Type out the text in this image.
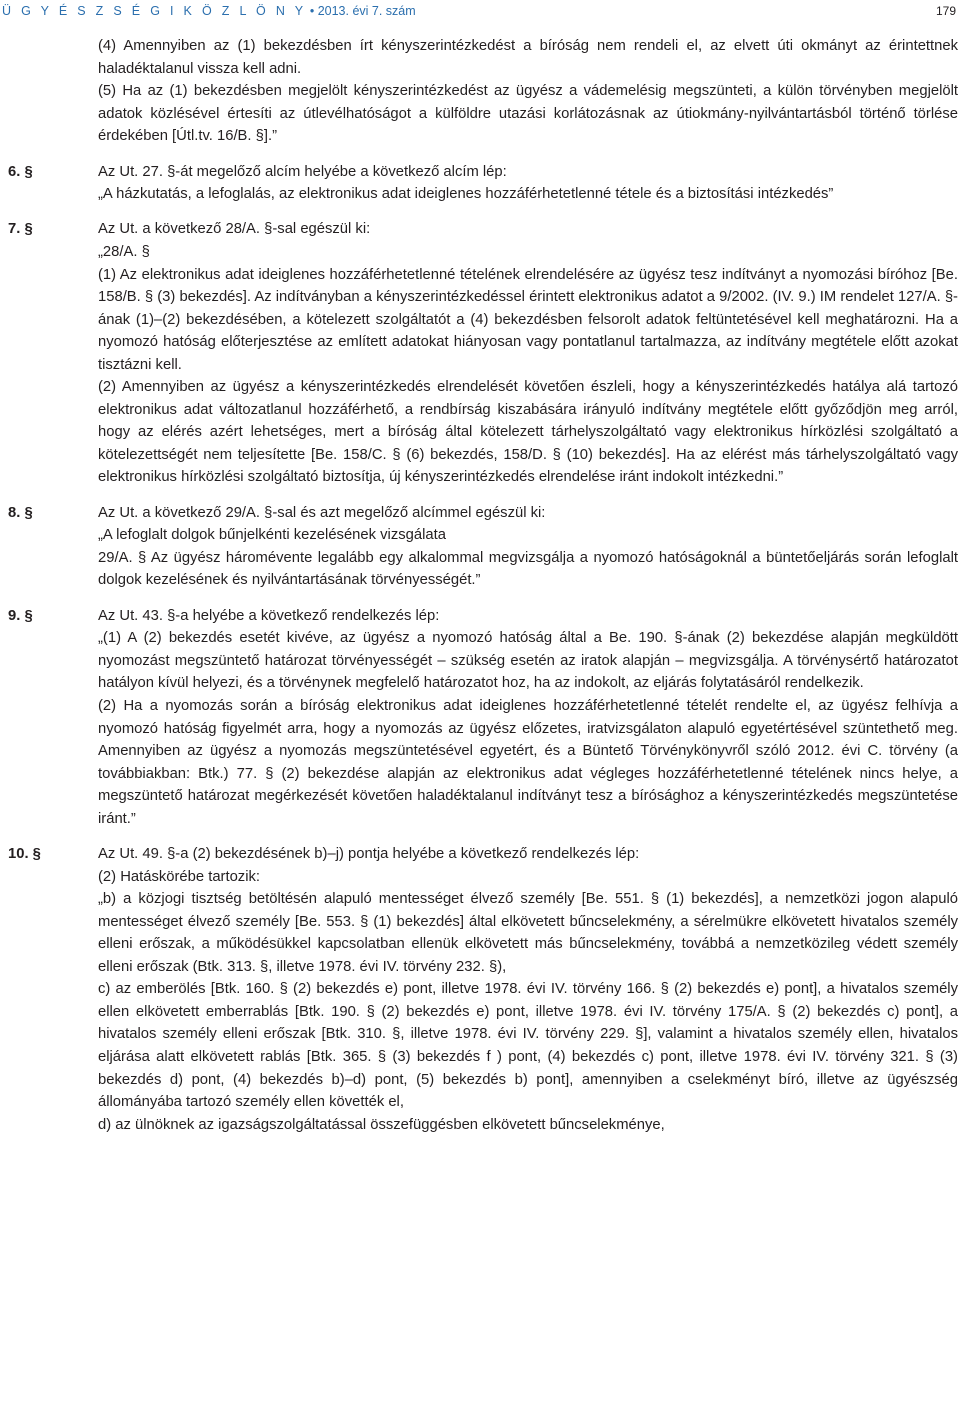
Ü G Y É S Z S É G I K Ö Z L Ö N Y • 2013. évi 7. szám	179

(4) Amennyiben az (1) bekezdésben írt kényszerintézkedést a bíróság nem rendeli el, az elvett úti okmányt az érintettnek haladéktalanul vissza kell adni.

(5) Ha az (1) bekezdésben megjelölt kényszerintézkedést az ügyész a vádemelésig megszünteti, a külön törvényben megjelölt adatok közlésével értesíti az útlevélhatóságot a külföldre utazási korlátozásnak az útiokmány-nyilvántartásból történő törlése érdekében [Útl.tv. 16/B. §].”

6. §	Az Ut. 27. §-át megelőző alcím helyébe a következő alcím lép:

„A házkutatás, a lefoglalás, az elektronikus adat ideiglenes hozzáférhetetlenné tétele és a biztosítási intézkedés”

7. §	Az Ut. a következő 28/A. §-sal egészül ki:

„28/A. §

(1) Az elektronikus adat ideiglenes hozzáférhetetlenné tételének elrendelésére az ügyész tesz indítványt a nyomozási bíróhoz [Be. 158/B. § (3) bekezdés]. Az indítványban a kényszerintézkedéssel érintett elektronikus adatot a 9/2002. (IV. 9.) IM rendelet 127/A. §-ának (1)–(2) bekezdésében, a kötelezett szolgáltatót a (4) bekezdésben felsorolt adatok feltüntetésével kell meghatározni. Ha a nyomozó hatóság előterjesztése az említett adatokat hiányosan vagy pontatlanul tartalmazza, az indítvány megtétele előtt azokat tisztázni kell.

(2) Amennyiben az ügyész a kényszerintézkedés elrendelését követően észleli, hogy a kényszerintézkedés hatálya alá tartozó elektronikus adat változatlanul hozzáférhető, a rendbírság kiszabására irányuló indítvány megtétele előtt győződjön meg arról, hogy az elérés azért lehetséges, mert a bíróság által kötelezett tárhelyszolgáltató vagy elektronikus hírközlési szolgáltató a kötelezettségét nem teljesítette [Be. 158/C. § (6) bekezdés, 158/D. § (10) bekezdés]. Ha az elérést más tárhelyszolgáltató vagy elektronikus hírközlési szolgáltató biztosítja, új kényszerintézkedés elrendelése iránt indokolt intézkedni.”

8. §	Az Ut. a következő 29/A. §-sal és azt megelőző alcímmel egészül ki:

„A lefoglalt dolgok bűnjelkénti kezelésének vizsgálata

29/A. § Az ügyész háromévente legalább egy alkalommal megvizsgálja a nyomozó hatóságoknál a büntetőeljárás során lefoglalt dolgok kezelésének és nyilvántartásának törvényességét.”

9. §	Az Ut. 43. §-a helyébe a következő rendelkezés lép:

„(1) A (2) bekezdés esetét kivéve, az ügyész a nyomozó hatóság által a Be. 190. §-ának (2) bekezdése alapján megküldött nyomozást megszüntető határozat törvényességét – szükség esetén az iratok alapján – megvizsgálja. A törvénysértő határozatot hatályon kívül helyezi, és a törvénynek megfelelő határozatot hoz, ha az indokolt, az eljárás folytatásáról rendelkezik.

(2) Ha a nyomozás során a bíróság elektronikus adat ideiglenes hozzáférhetetlenné tételét rendelte el, az ügyész felhívja a nyomozó hatóság figyelmét arra, hogy a nyomozás az ügyész előzetes, iratvizsgálaton alapuló egyetértésével szüntethető meg. Amennyiben az ügyész a nyomozás megszüntetésével egyetért, és a Büntető Törvénykönyvről szóló 2012. évi C. törvény (a továbbiakban: Btk.) 77. § (2) bekezdése alapján az elektronikus adat végleges hozzáférhetetlenné tételének nincs helye, a megszüntető határozat megérkezését követően haladéktalanul indítványt tesz a bírósághoz a kényszerintézkedés megszüntetése iránt.”

10. §	Az Ut. 49. §-a (2) bekezdésének b)–j) pontja helyébe a következő rendelkezés lép:

(2) Hatáskörébe tartozik:

„b) a közjogi tisztség betöltésén alapuló mentességet élvező személy [Be. 551. § (1) bekezdés], a nemzetközi jogon alapuló mentességet élvező személy [Be. 553. § (1) bekezdés] által elkövetett bűncselekmény, a sérelmükre elkövetett hivatalos személy elleni erőszak, a működésükkel kapcsolatban ellenük elkövetett más bűncselekmény, továbbá a nemzetközileg védett személy elleni erőszak (Btk. 313. §, illetve 1978. évi IV. törvény 232. §),

c) az emberölés [Btk. 160. § (2) bekezdés e) pont, illetve 1978. évi IV. törvény 166. § (2) bekezdés e) pont], a hivatalos személy ellen elkövetett emberrablás [Btk. 190. § (2) bekezdés e) pont, illetve 1978. évi IV. törvény 175/A. § (2) bekezdés c) pont], a hivatalos személy elleni erőszak [Btk. 310. §, illetve 1978. évi IV. törvény 229. §], valamint a hivatalos személy ellen, hivatalos eljárása alatt elkövetett rablás [Btk. 365. § (3) bekezdés f ) pont, (4) bekezdés c) pont, illetve 1978. évi IV. törvény 321. § (3) bekezdés d) pont, (4) bekezdés b)–d) pont, (5) bekezdés b) pont], amennyiben a cselekményt bíró, illetve az ügyészség állományába tartozó személy ellen követték el,

d) az ülnöknek az igazságszolgáltatással összefüggésben elkövetett bűncselekménye,
